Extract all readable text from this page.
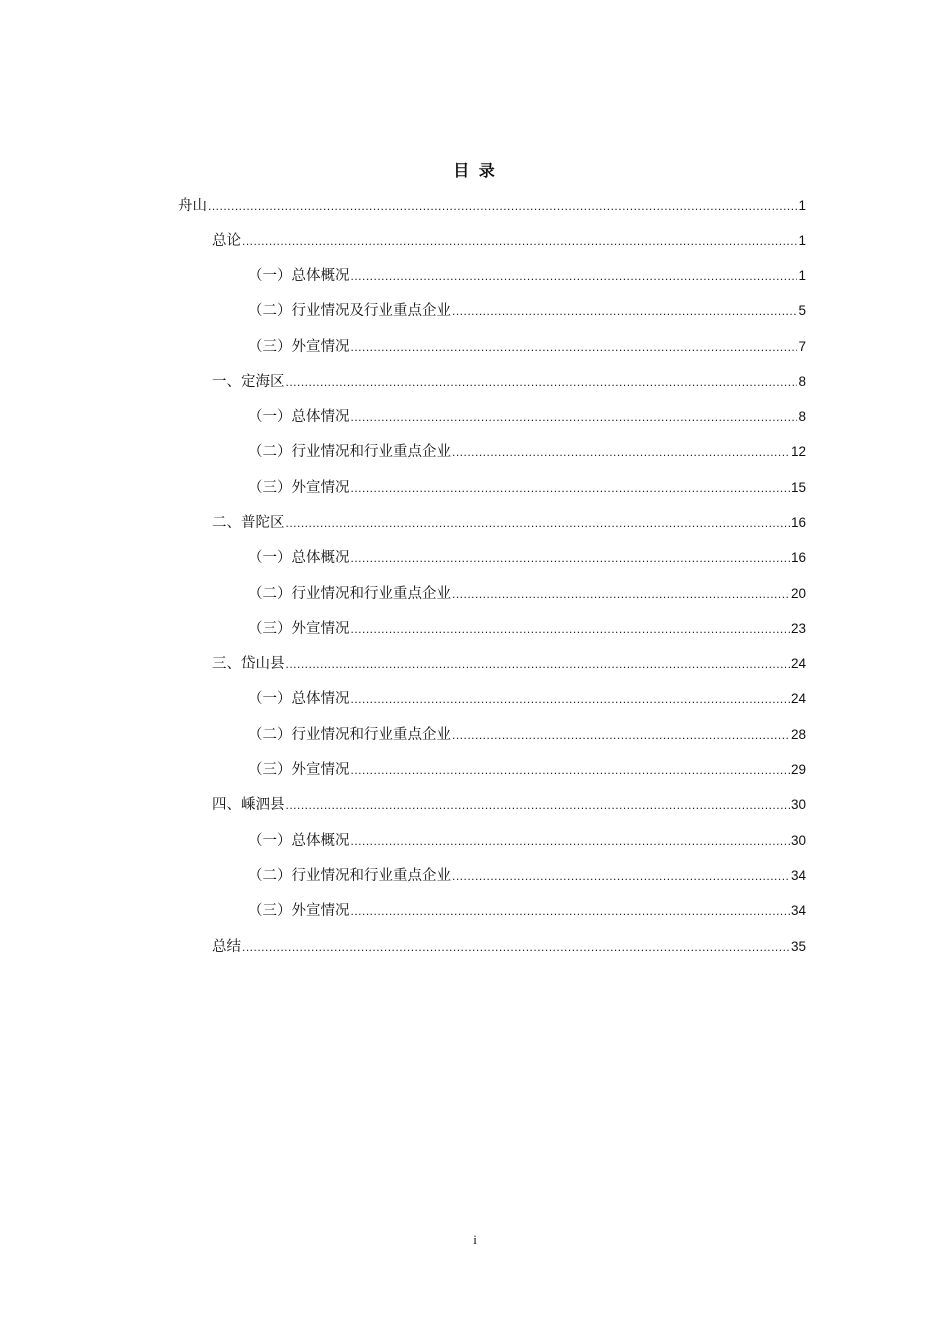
目 录
舟山 .....	1
总论 .....	1
（一）总体概况 .....	1
（二）行业情况及行业重点企业 .....	5
（三）外宣情况 .....	7
一、定海区 .....	8
（一）总体情况 .....	8
（二）行业情况和行业重点企业 .....	12
（三）外宣情况 .....	15
二、普陀区 .....	16
（一）总体概况 .....	16
（二）行业情况和行业重点企业 .....	20
（三）外宣情况 .....	23
三、岱山县 .....	24
（一）总体情况 .....	24
（二）行业情况和行业重点企业 .....	28
（三）外宣情况 .....	29
四、嵊泗县 .....	30
（一）总体概况 .....	30
（二）行业情况和行业重点企业 .....	34
（三）外宣情况 .....	34
总结 .....	35
i
